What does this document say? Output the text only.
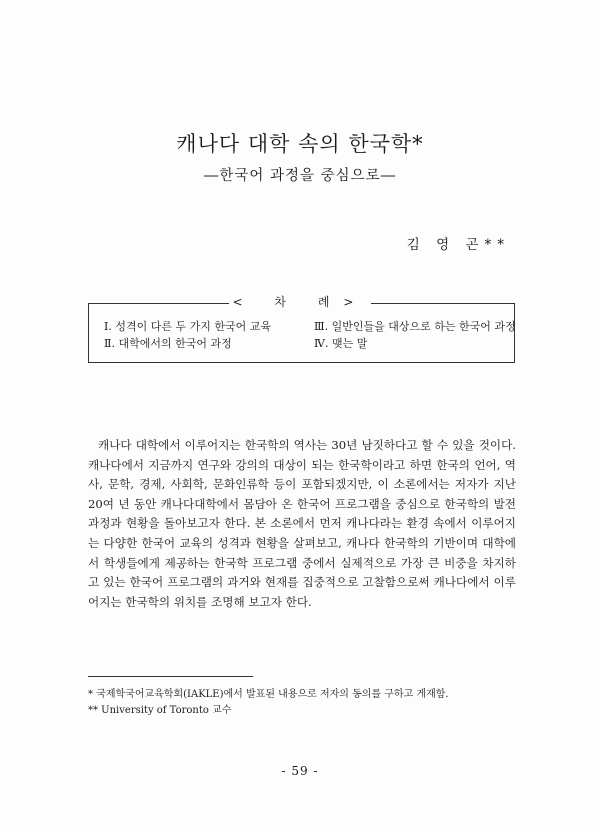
캐나다 대학 속의 한국학*
―한국어 과정을 중심으로―
김 영 곤**
< 차 례>
Ⅰ. 성격이 다른 두 가지 한국어 교육
Ⅱ. 대학에서의 한국어 과정
Ⅲ. 일반인들을 대상으로 하는 한국어 과정
Ⅳ. 맺는 말
캐나다 대학에서 이루어지는 한국학의 역사는 30년 남짓하다고 할 수 있을 것이다. 캐나다에서 지금까지 연구와 강의의 대상이 되는 한국학이라고 하면 한국의 언어, 역사, 문학, 경제, 사회학, 문화인류학 등이 포함되겠지만, 이 소론에서는 저자가 지난 20여 년 동안 캐나다대학에서 몸담아 온 한국어 프로그램을 중심으로 한국학의 발전과정과 현황을 돌아보고자 한다. 본 소론에서 먼저 캐나다라는 환경 속에서 이루어지는 다양한 한국어 교육의 성격과 현황을 살펴보고, 캐나다 한국학의 기반이며 대학에서 학생들에게 제공하는 한국학 프로그램 중에서 실제적으로 가장 큰 비중을 차지하고 있는 한국어 프로그램의 과거와 현재를 집중적으로 고찰함으로써 캐나다에서 이루어지는 한국학의 위치를 조명해 보고자 한다.
* 국제학국어교육학회(IAKLE)에서 발표된 내용으로 저자의 동의를 구하고 게재함.
** University of Toronto 교수
- 59 -
